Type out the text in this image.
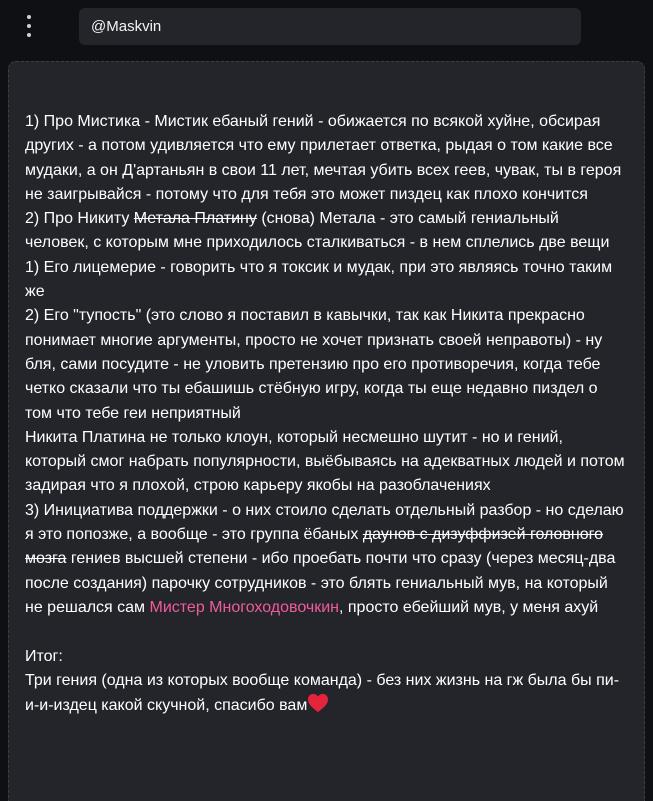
@Maskvin

1) Про Мистика - Мистик ебаный гений - обижается по всякой хуйне, обсирая других - а потом удивляется что ему прилетает ответка, рыдая о том какие все мудаки, а он Д'артаньян в свои 11 лет, мечтая убить всех геев, чувак, ты в героя не заигрывайся - потому что для тебя это может пиздец как плохо кончится

2) Про Никиту Метала Платину (снова) Метала - это самый гениальный человек, с которым мне приходилось сталкиваться - в нем сплелись две вещи

1) Его лицемерие - говорить что я токсик и мудак, при это являясь точно таким же

2) Его "тупость" (это слово я поставил в кавычки, так как Никита прекрасно понимает многие аргументы, просто не хочет признать своей неправоты) - ну бля, сами посудите - не уловить претензию про его противоречия, когда тебе четко сказали что ты ебашишь стёбную игру, когда ты еще недавно пиздел о том что тебе геи неприятный

Никита Платина не только клоун, который несмешно шутит - но и гений, который смог набрать популярности, выёбываясь на адекватных людей и потом задирая что я плохой, строю карьеру якобы на разоблачениях

3) Инициатива поддержки - о них стоило сделать отдельный разбор - но сделаю я это попозже, а вообще - это группа ёбаных даунов с дизуффизей головного мозга гениев высшей степени - ибо проебать почти что сразу (через месяц-два после создания) парочку сотрудников - это блять гениальный мув, на который не решался сам Мистер Многоходовочкин, просто ебейший мув, у меня ахуй

Итог:

Три гения (одна из которых вообще команда) - без них жизнь на гж была бы пи-и-и-издец какой скучной, спасибо вам
